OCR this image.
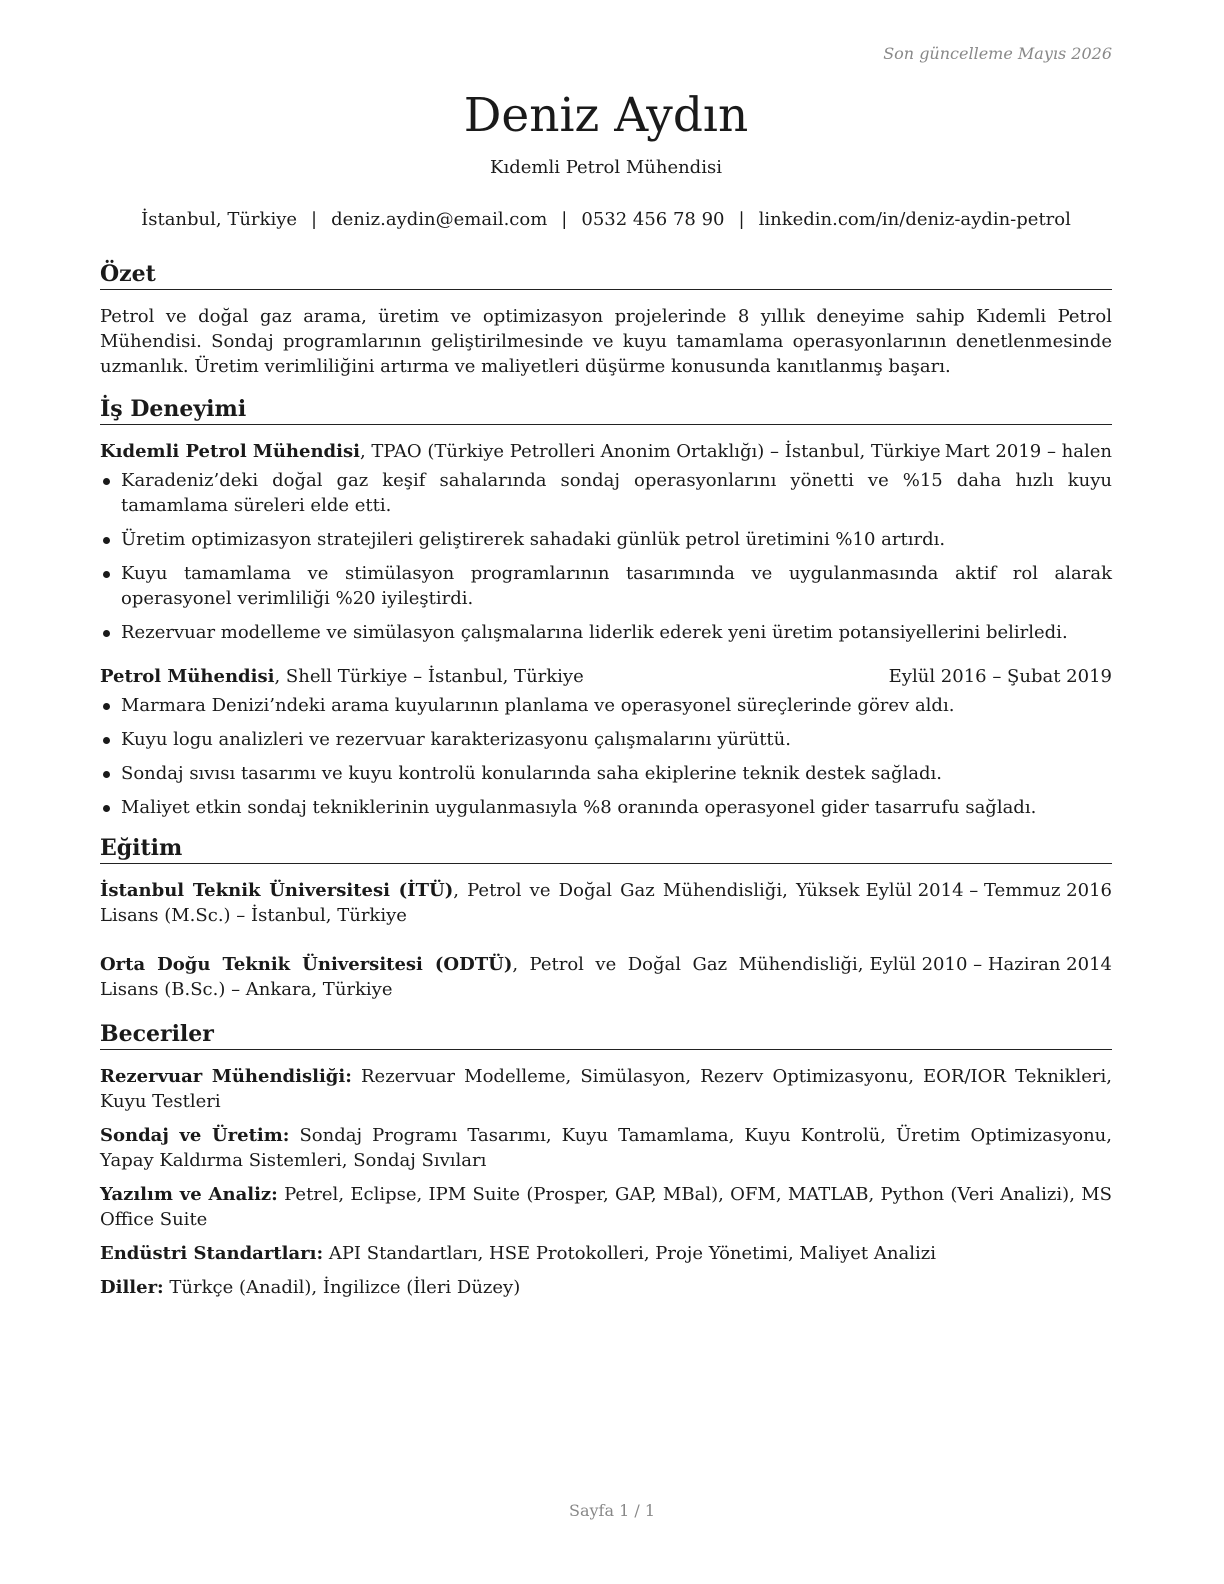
Son güncelleme Mayıs 2026
Deniz Aydın
Kıdemli Petrol Mühendisi
İstanbul, Türkiye | deniz.aydin@email.com | 0532 456 78 90 | linkedin.com/in/deniz-aydin-petrol
Özet
Petrol ve doğal gaz arama, üretim ve optimizasyon projelerinde 8 yıllık deneyime sahip Kıdemli Petrol Mühendisi. Sondaj programlarının geliştirilmesinde ve kuyu tamamlama operasyonlarının denetlenmesinde uzmanlık. Üretim verimliliğini artırma ve maliyetleri düşürme konusunda kanıtlanmış başarı.
İş Deneyimi
Kıdemli Petrol Mühendisi, TPAO (Türkiye Petrolleri Anonim Ortaklığı) – İstanbul, Türkiye Mart 2019 – halen
Karadeniz’deki doğal gaz keşif sahalarında sondaj operasyonlarını yönetti ve %15 daha hızlı kuyu tamamlama süreleri elde etti.
Üretim optimizasyon stratejileri geliştirerek sahadaki günlük petrol üretimini %10 artırdı.
Kuyu tamamlama ve stimülasyon programlarının tasarımında ve uygulanmasında aktif rol alarak operasyonel verimliliği %20 iyileştirdi.
Rezervuar modelleme ve simülasyon çalışmalarına liderlik ederek yeni üretim potansiyellerini belirledi.
Petrol Mühendisi, Shell Türkiye – İstanbul, Türkiye	Eylül 2016 – Şubat 2019
Marmara Denizi’ndeki arama kuyularının planlama ve operasyonel süreçlerinde görev aldı.
Kuyu logu analizleri ve rezervuar karakterizasyonu çalışmalarını yürüttü.
Sondaj sıvısı tasarımı ve kuyu kontrolü konularında saha ekiplerine teknik destek sağladı.
Maliyet etkin sondaj tekniklerinin uygulanmasıyla %8 oranında operasyonel gider tasarrufu sağladı.
Eğitim
İstanbul Teknik Üniversitesi (İTÜ), Petrol ve Doğal Gaz Mühendisliği, Yüksek Lisans (M.Sc.) – İstanbul, Türkiye
Eylül 2014 – Temmuz 2016
Orta Doğu Teknik Üniversitesi (ODTÜ), Petrol ve Doğal Gaz Mühendisliği, Lisans (B.Sc.) – Ankara, Türkiye
Eylül 2010 – Haziran 2014
Beceriler
Rezervuar Mühendisliği: Rezervuar Modelleme, Simülasyon, Rezerv Optimizasyonu, EOR/IOR Teknikleri, Kuyu Testleri
Sondaj ve Üretim: Sondaj Programı Tasarımı, Kuyu Tamamlama, Kuyu Kontrolü, Üretim Optimizasyonu, Yapay Kaldırma Sistemleri, Sondaj Sıvıları
Yazılım ve Analiz: Petrel, Eclipse, IPM Suite (Prosper, GAP, MBal), OFM, MATLAB, Python (Veri Analizi), MS Office Suite
Endüstri Standartları: API Standartları, HSE Protokolleri, Proje Yönetimi, Maliyet Analizi
Diller: Türkçe (Anadil), İngilizce (İleri Düzey)
Sayfa 1 / 1
